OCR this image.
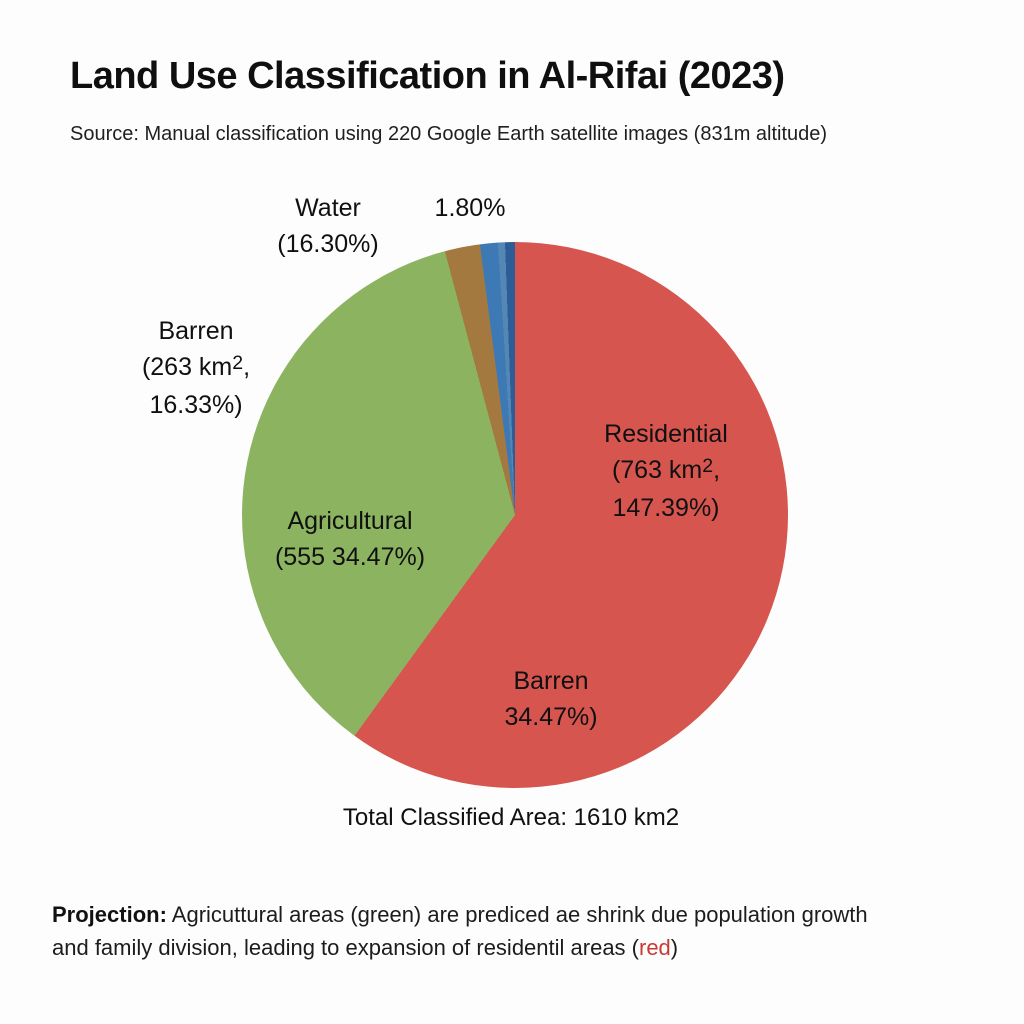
Land Use Classification in Al-Rifai (2023)
Source: Manual classification using 220 Google Earth satellite images (831m altitude)
Water
(16.30%)
1.80%
Barren
(263 $km^2$,
16.33%)
Residential
(763 $km^2$,
147.39%)
Agricultural
(555 34.47%)
Barren
34.47%)
Total Classified Area: 1610 km2
Projection: Agricuttural areas (green) are prediced ae shrink due population growth
and family division, leading to expansion of residentil areas (red)
